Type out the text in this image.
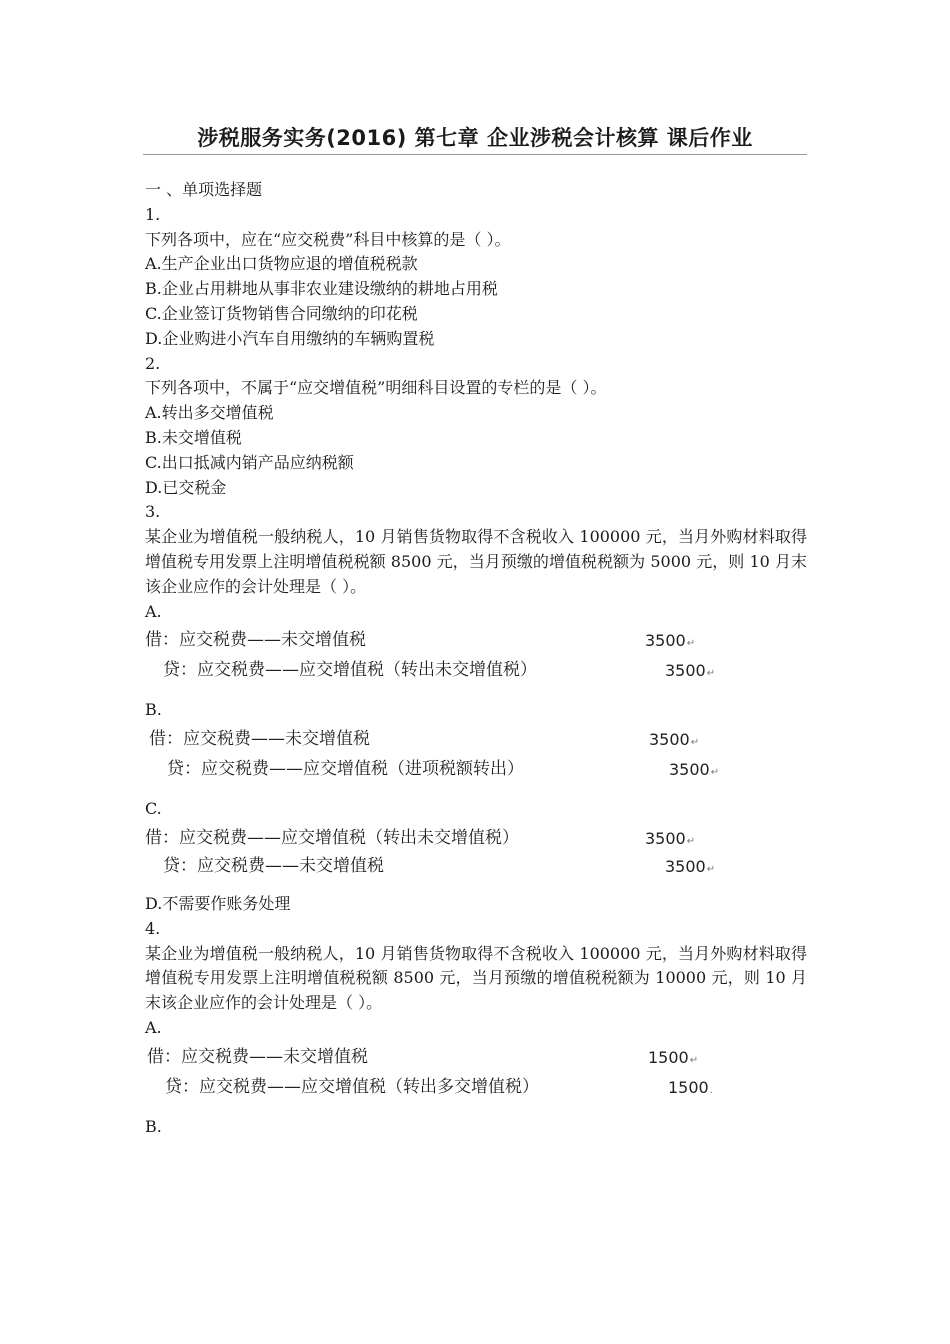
涉税服务实务(2016) 第七章 企业涉税会计核算 课后作业
一 、单项选择题
1.
下列各项中，应在“应交税费”科目中核算的是（ ）。
A.生产企业出口货物应退的增值税税款
B.企业占用耕地从事非农业建设缴纳的耕地占用税
C.企业签订货物销售合同缴纳的印花税
D.企业购进小汽车自用缴纳的车辆购置税
2.
下列各项中，不属于“应交增值税”明细科目设置的专栏的是（ ）。
A.转出多交增值税
B.未交增值税
C.出口抵减内销产品应纳税额
D.已交税金
3.
某企业为增值税一般纳税人，10 月销售货物取得不含税收入 100000 元，当月外购材料取得增值税专用发票上注明增值税税额 8500 元，当月预缴的增值税税额为 5000 元，则 10 月末该企业应作的会计处理是（ ）。
A.
借：应交税费——未交增值税	3500↵
贷：应交税费——应交增值税（转出未交增值税）	3500↵
B.
借：应交税费——未交增值税	3500↵
贷：应交税费——应交增值税（进项税额转出）	3500↵
C.
借：应交税费——应交增值税（转出未交增值税）	3500↵
贷：应交税费——未交增值税	3500↵
D.不需要作账务处理
4.
某企业为增值税一般纳税人，10 月销售货物取得不含税收入 100000 元，当月外购材料取得增值税专用发票上注明增值税税额 8500 元，当月预缴的增值税税额为 10000 元，则 10 月末该企业应作的会计处理是（ ）。
A.
借：应交税费——未交增值税	1500↵
贷：应交税费——应交增值税（转出多交增值税）	1500.
B.
